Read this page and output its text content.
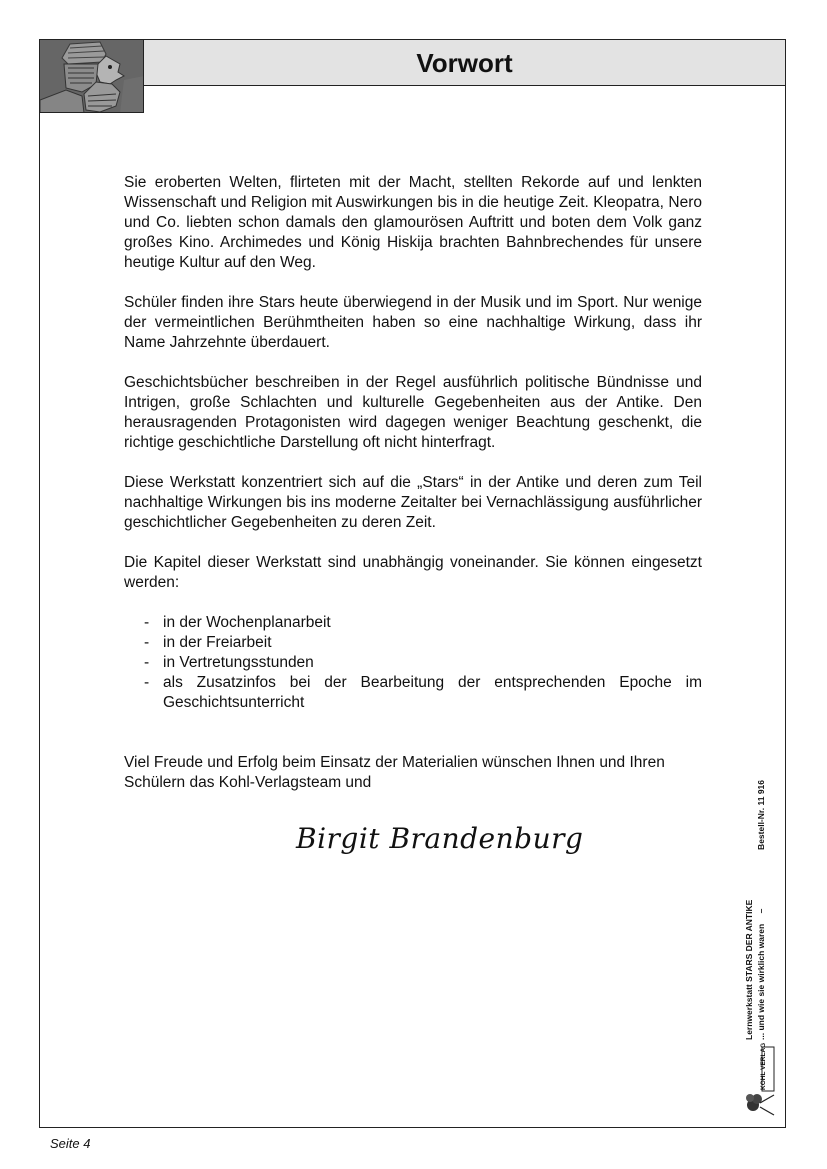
Vorwort

Sie eroberten Welten, flirteten mit der Macht, stellten Rekorde auf und lenkten Wissenschaft und Religion mit Auswirkungen bis in die heutige Zeit. Kleopatra, Nero und Co. liebten schon damals den glamourösen Auftritt und boten dem Volk ganz großes Kino. Archimedes und König Hiskija brachten Bahnbrechendes für unsere heutige Kultur auf den Weg.

Schüler finden ihre Stars heute überwiegend in der Musik und im Sport. Nur wenige der vermeintlichen Berühmtheiten haben so eine nachhaltige Wirkung, dass ihr Name Jahrzehnte überdauert.

Geschichtsbücher beschreiben in der Regel ausführlich politische Bündnisse und Intrigen, große Schlachten und kulturelle Gegebenheiten aus der Antike. Den herausragenden Protagonisten wird dagegen weniger Beachtung geschenkt, die richtige geschichtliche Darstellung oft nicht hinterfragt.

Diese Werkstatt konzentriert sich auf die „Stars“ in der Antike und deren zum Teil nachhaltige Wirkungen bis ins moderne Zeitalter bei Vernachlässigung ausführlicher geschichtlicher Gegebenheiten zu deren Zeit.

Die Kapitel dieser Werkstatt sind unabhängig voneinander. Sie können eingesetzt werden:

- in der Wochenplanarbeit
- in der Freiarbeit
- in Vertretungsstunden
- als Zusatzinfos bei der Bearbeitung der entsprechenden Epoche im Geschichtsunterricht
Viel Freude und Erfolg beim Einsatz der Materialien wünschen Ihnen und Ihren Schülern das Kohl-Verlagsteam und
Birgit Brandenburg
Lernwerkstatt STARS DER ANTIKE ... und wie sie wirklich waren –
Bestell-Nr. 11 916
KOHL VERLAG
Seite 4
